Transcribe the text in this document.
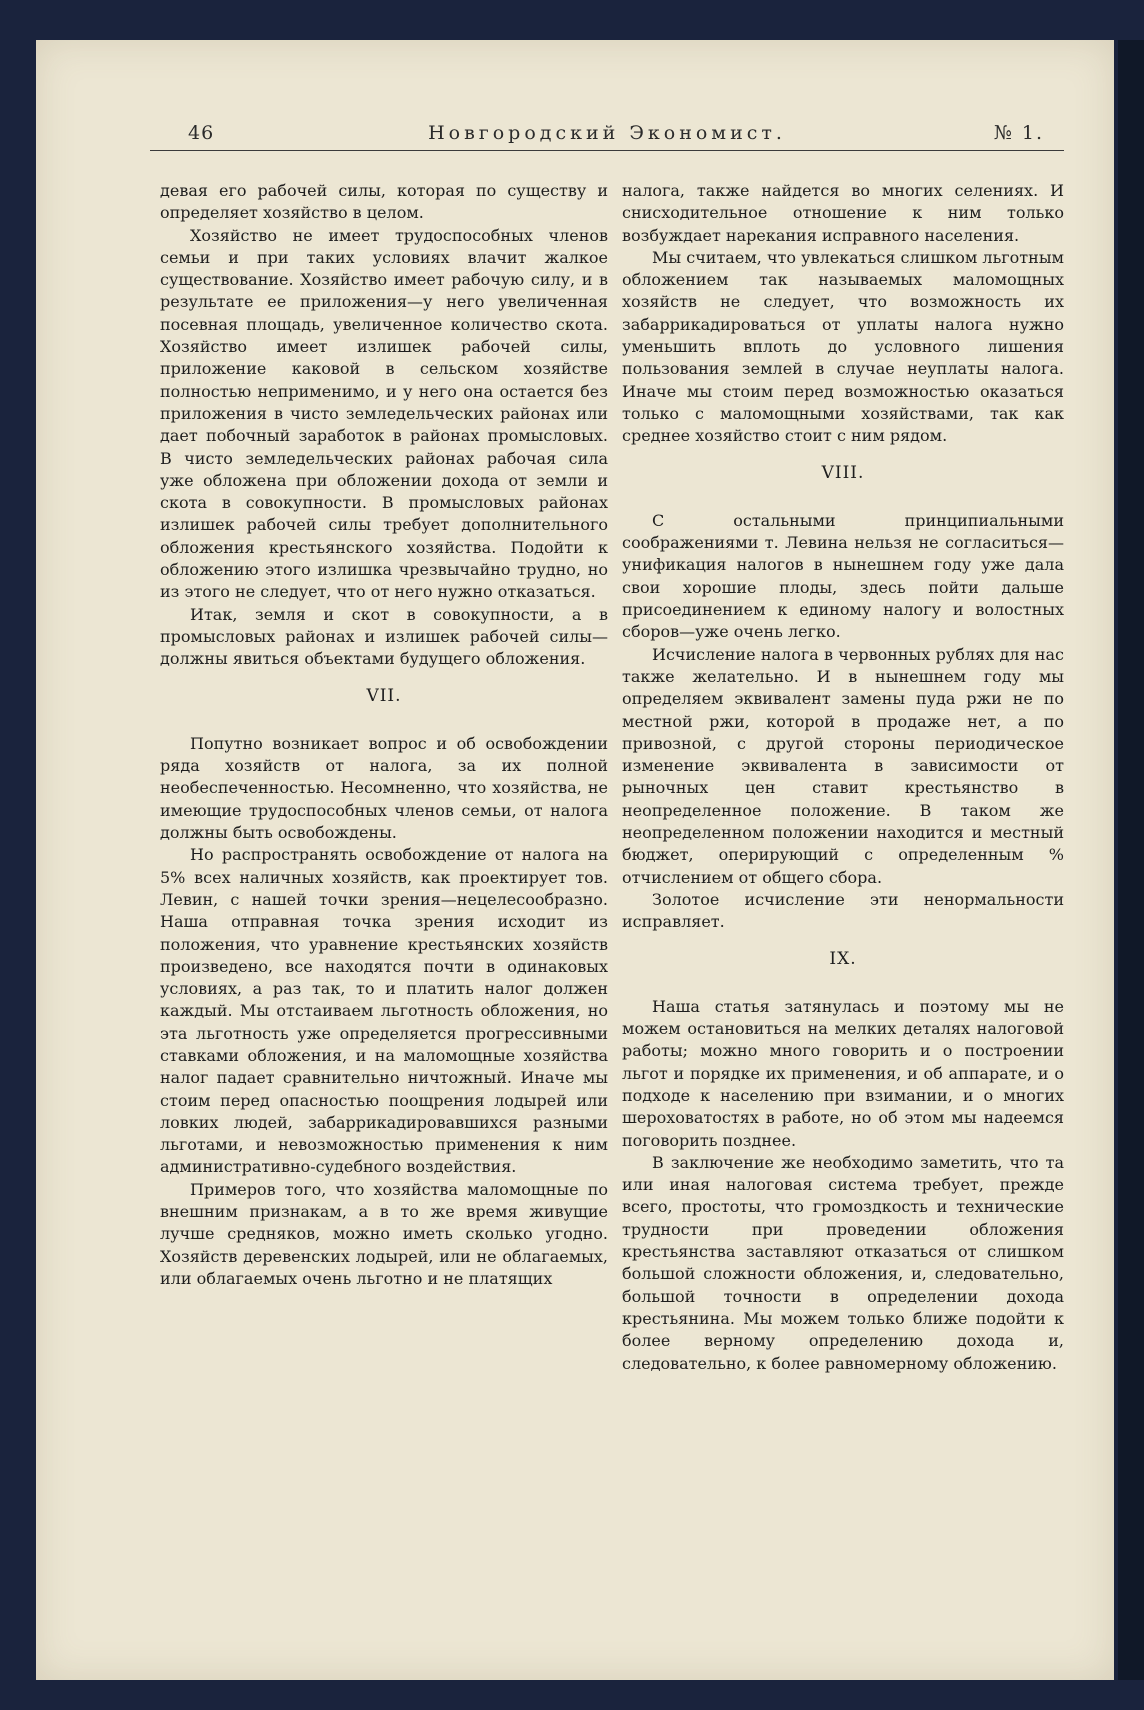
46	Новгородский Экономист.	№ 1.

девая его рабочей силы, которая по существу и определяет хозяйство в целом.

Хозяйство не имеет трудоспособных членов семьи и при таких условиях влачит жалкое существование. Хозяйство имеет рабочую силу, и в результате ее приложения—у него увеличенная посевная площадь, увеличенное количество скота. Хозяйство имеет излишек рабочей силы, приложение каковой в сельском хозяйстве полностью неприменимо, и у него она остается без приложения в чисто земледельческих районах или дает побочный заработок в районах промысловых. В чисто земледельческих районах рабочая сила уже обложена при обложении дохода от земли и скота в совокупности. В промысловых районах излишек рабочей силы требует дополнительного обложения крестьянского хозяйства. Подойти к обложению этого излишка чрезвычайно трудно, но из этого не следует, что от него нужно отказаться.

Итак, земля и скот в совокупности, а в промысловых районах и излишек рабочей силы—должны явиться объектами будущего обложения.

VII.

Попутно возникает вопрос и об освобождении ряда хозяйств от налога, за их полной необеспеченностью. Несомненно, что хозяйства, не имеющие трудоспособных членов семьи, от налога должны быть освобождены.

Но распространять освобождение от налога на 5% всех наличных хозяйств, как проектирует тов. Левин, с нашей точки зрения—нецелесообразно. Наша отправная точка зрения исходит из положения, что уравнение крестьянских хозяйств произведено, все находятся почти в одинаковых условиях, а раз так, то и платить налог должен каждый. Мы отстаиваем льготность обложения, но эта льготность уже определяется прогрессивными ставками обложения, и на маломощные хозяйства налог падает сравнительно ничтожный. Иначе мы стоим перед опасностью поощрения лодырей или ловких людей, забаррикадировавшихся разными льготами, и невозможностью применения к ним административно-судебного воздействия.

Примеров того, что хозяйства маломощные по внешним признакам, а в то же время живущие лучше средняков, можно иметь сколько угодно. Хозяйств деревенских лодырей, или не облагаемых, или облагаемых очень льготно и не платящих

налога, также найдется во многих селениях. И снисходительное отношение к ним только возбуждает нарекания исправного населения.

Мы считаем, что увлекаться слишком льготным обложением так называемых маломощных хозяйств не следует, что возможность их забаррикадироваться от уплаты налога нужно уменьшить вплоть до условного лишения пользования землей в случае неуплаты налога. Иначе мы стоим перед возможностью оказаться только с маломощными хозяйствами, так как среднее хозяйство стоит с ним рядом.

VIII.

С остальными принципиальными соображениями т. Левина нельзя не согласиться—унификация налогов в нынешнем году уже дала свои хорошие плоды, здесь пойти дальше присоединением к единому налогу и волостных сборов—уже очень легко.

Исчисление налога в червонных рублях для нас также желательно. И в нынешнем году мы определяем эквивалент замены пуда ржи не по местной ржи, которой в продаже нет, а по привозной, с другой стороны периодическое изменение эквивалента в зависимости от рыночных цен ставит крестьянство в неопределенное положение. В таком же неопределенном положении находится и местный бюджет, оперирующий с определенным % отчислением от общего сбора.

Золотое исчисление эти ненормальности исправляет.

IX.

Наша статья затянулась и поэтому мы не можем остановиться на мелких деталях налоговой работы; можно много говорить и о построении льгот и порядке их применения, и об аппарате, и о подходе к населению при взимании, и о многих шероховатостях в работе, но об этом мы надеемся поговорить позднее.

В заключение же необходимо заметить, что та или иная налоговая система требует, прежде всего, простоты, что громоздкость и технические трудности при проведении обложения крестьянства заставляют отказаться от слишком большой сложности обложения, и, следовательно, большой точности в определении дохода крестьянина. Мы можем только ближе подойти к более верному определению дохода и, следовательно, к более равномерному обложению.
